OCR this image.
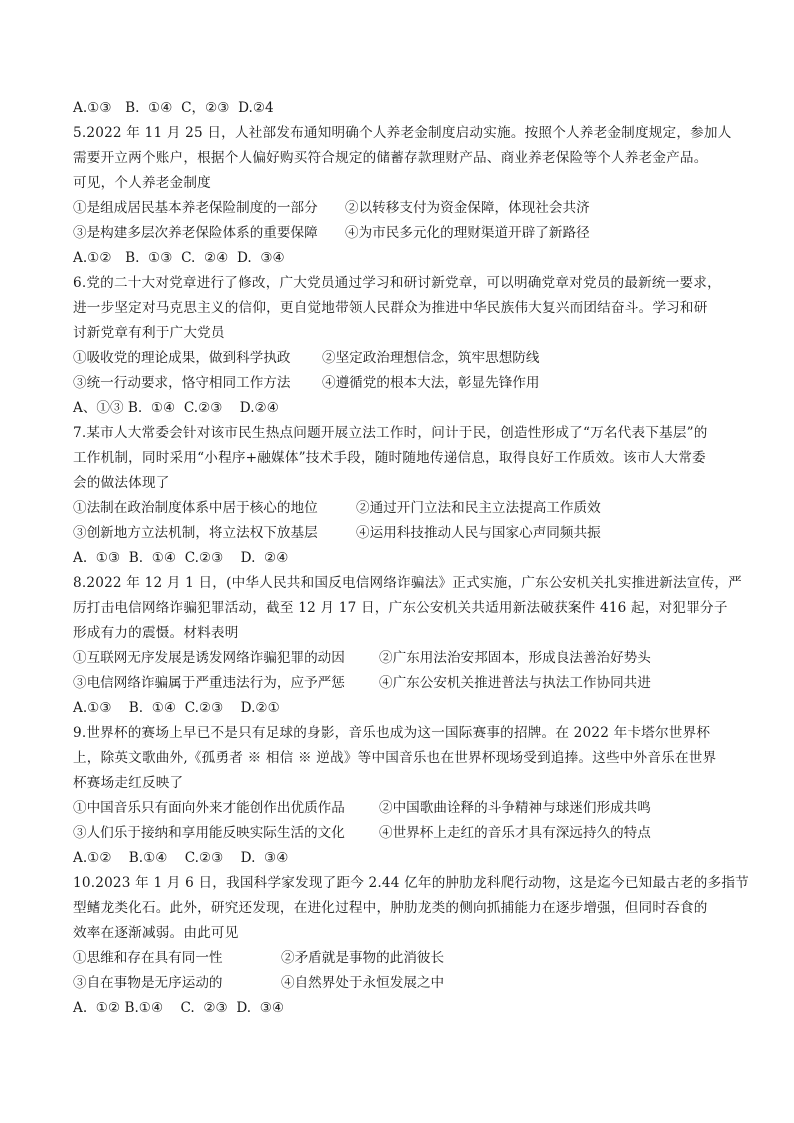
A.①③　B.  ①④  C，②③  D.②4
5.2022 年 11 月 25 日，人社部发布通知明确个人养老金制度启动实施。按照个人养老金制度规定，参加人
需要开立两个账户，根据个人偏好购买符合规定的储蓄存款理财产品、商业养老保险等个人养老金产品。
可见，个人养老金制度
①是组成居民基本养老保险制度的一部分	②以转移支付为资金保障，体现社会共济
③是构建多层次养老保险体系的重要保障	④为市民多元化的理财渠道开辟了新路径
A.①②　B.  ①③  C.  ②④  D.  ③④
6.党的二十大对党章进行了修改，广大党员通过学习和研讨新党章，可以明确党章对党员的最新统一要求，
进一步坚定对马克思主义的信仰，更自觉地带领人民群众为推进中华民族伟大复兴而团结奋斗。学习和研
讨新党章有利于广大党员
①吸收党的理论成果，做到科学执政	②坚定政治理想信念，筑牢思想防线
③统一行动要求，恪守相同工作方法	④遵循党的根本大法，彰显先锋作用
A、①③ B.  ①④  C.②③    D.②④
7.某市人大常委会针对该市民生热点问题开展立法工作时，问计于民，创造性形成了“万名代表下基层”的
工作机制，同时采用“小程序+融媒体”技术手段，随时随地传递信息，取得良好工作质效。该市人大常委
会的做法体现了
①法制在政治制度体系中居于核心的地位	②通过开门立法和民主立法提高工作质效
③创新地方立法机制，将立法权下放基层	④运用科技推动人民与国家心声同频共振
A.  ①③  B.  ①④  C.②③    D.  ②④
8.2022 年 12 月 1 日，(中华人民共和国反电信网络诈骗法》正式实施，广东公安机关扎实推进新法宣传，严
厉打击电信网络诈骗犯罪活动，截至 12 月 17 日，广东公安机关共适用新法破获案件 416 起，对犯罪分子
形成有力的震慑。材料表明
①互联网无序发展是诱发网络诈骗犯罪的动因	②广东用法治安邦固本，形成良法善治好势头
③电信网络诈骗属于严重违法行为，应予严惩	④广东公安机关推进普法与执法工作协同共进
A.①③    B.  ①④  C.②③    D.②①
9.世界杯的赛场上早已不是只有足球的身影，音乐也成为这一国际赛事的招牌。在 2022 年卡塔尔世界杯
上，除英文歌曲外,《孤勇者 ※ 相信 ※ 逆战》等中国音乐也在世界杯现场受到追捧。这些中外音乐在世界
杯赛场走红反映了
①中国音乐只有面向外来才能创作出优质作品	②中国歌曲诠释的斗争精神与球迷们形成共鸣
③人们乐于接纳和享用能反映实际生活的文化	④世界杯上走红的音乐才具有深远持久的特点
A.①②    B.①④    C.②③    D.  ③④
10.2023 年 1 月 6 日，我国科学家发现了距今 2.44 亿年的肿肋龙科爬行动物，这是迄今已知最古老的多指节
型鳍龙类化石。此外，研究还发现，在进化过程中，肿肋龙类的侧向抓捕能力在逐步增强，但同时吞食的
效率在逐渐减弱。由此可见
①思维和存在具有同一性	②矛盾就是事物的此消彼长
③自在事物是无序运动的	④自然界处于永恒发展之中
A.  ①② B.①④    C.  ②③  D.  ③④
